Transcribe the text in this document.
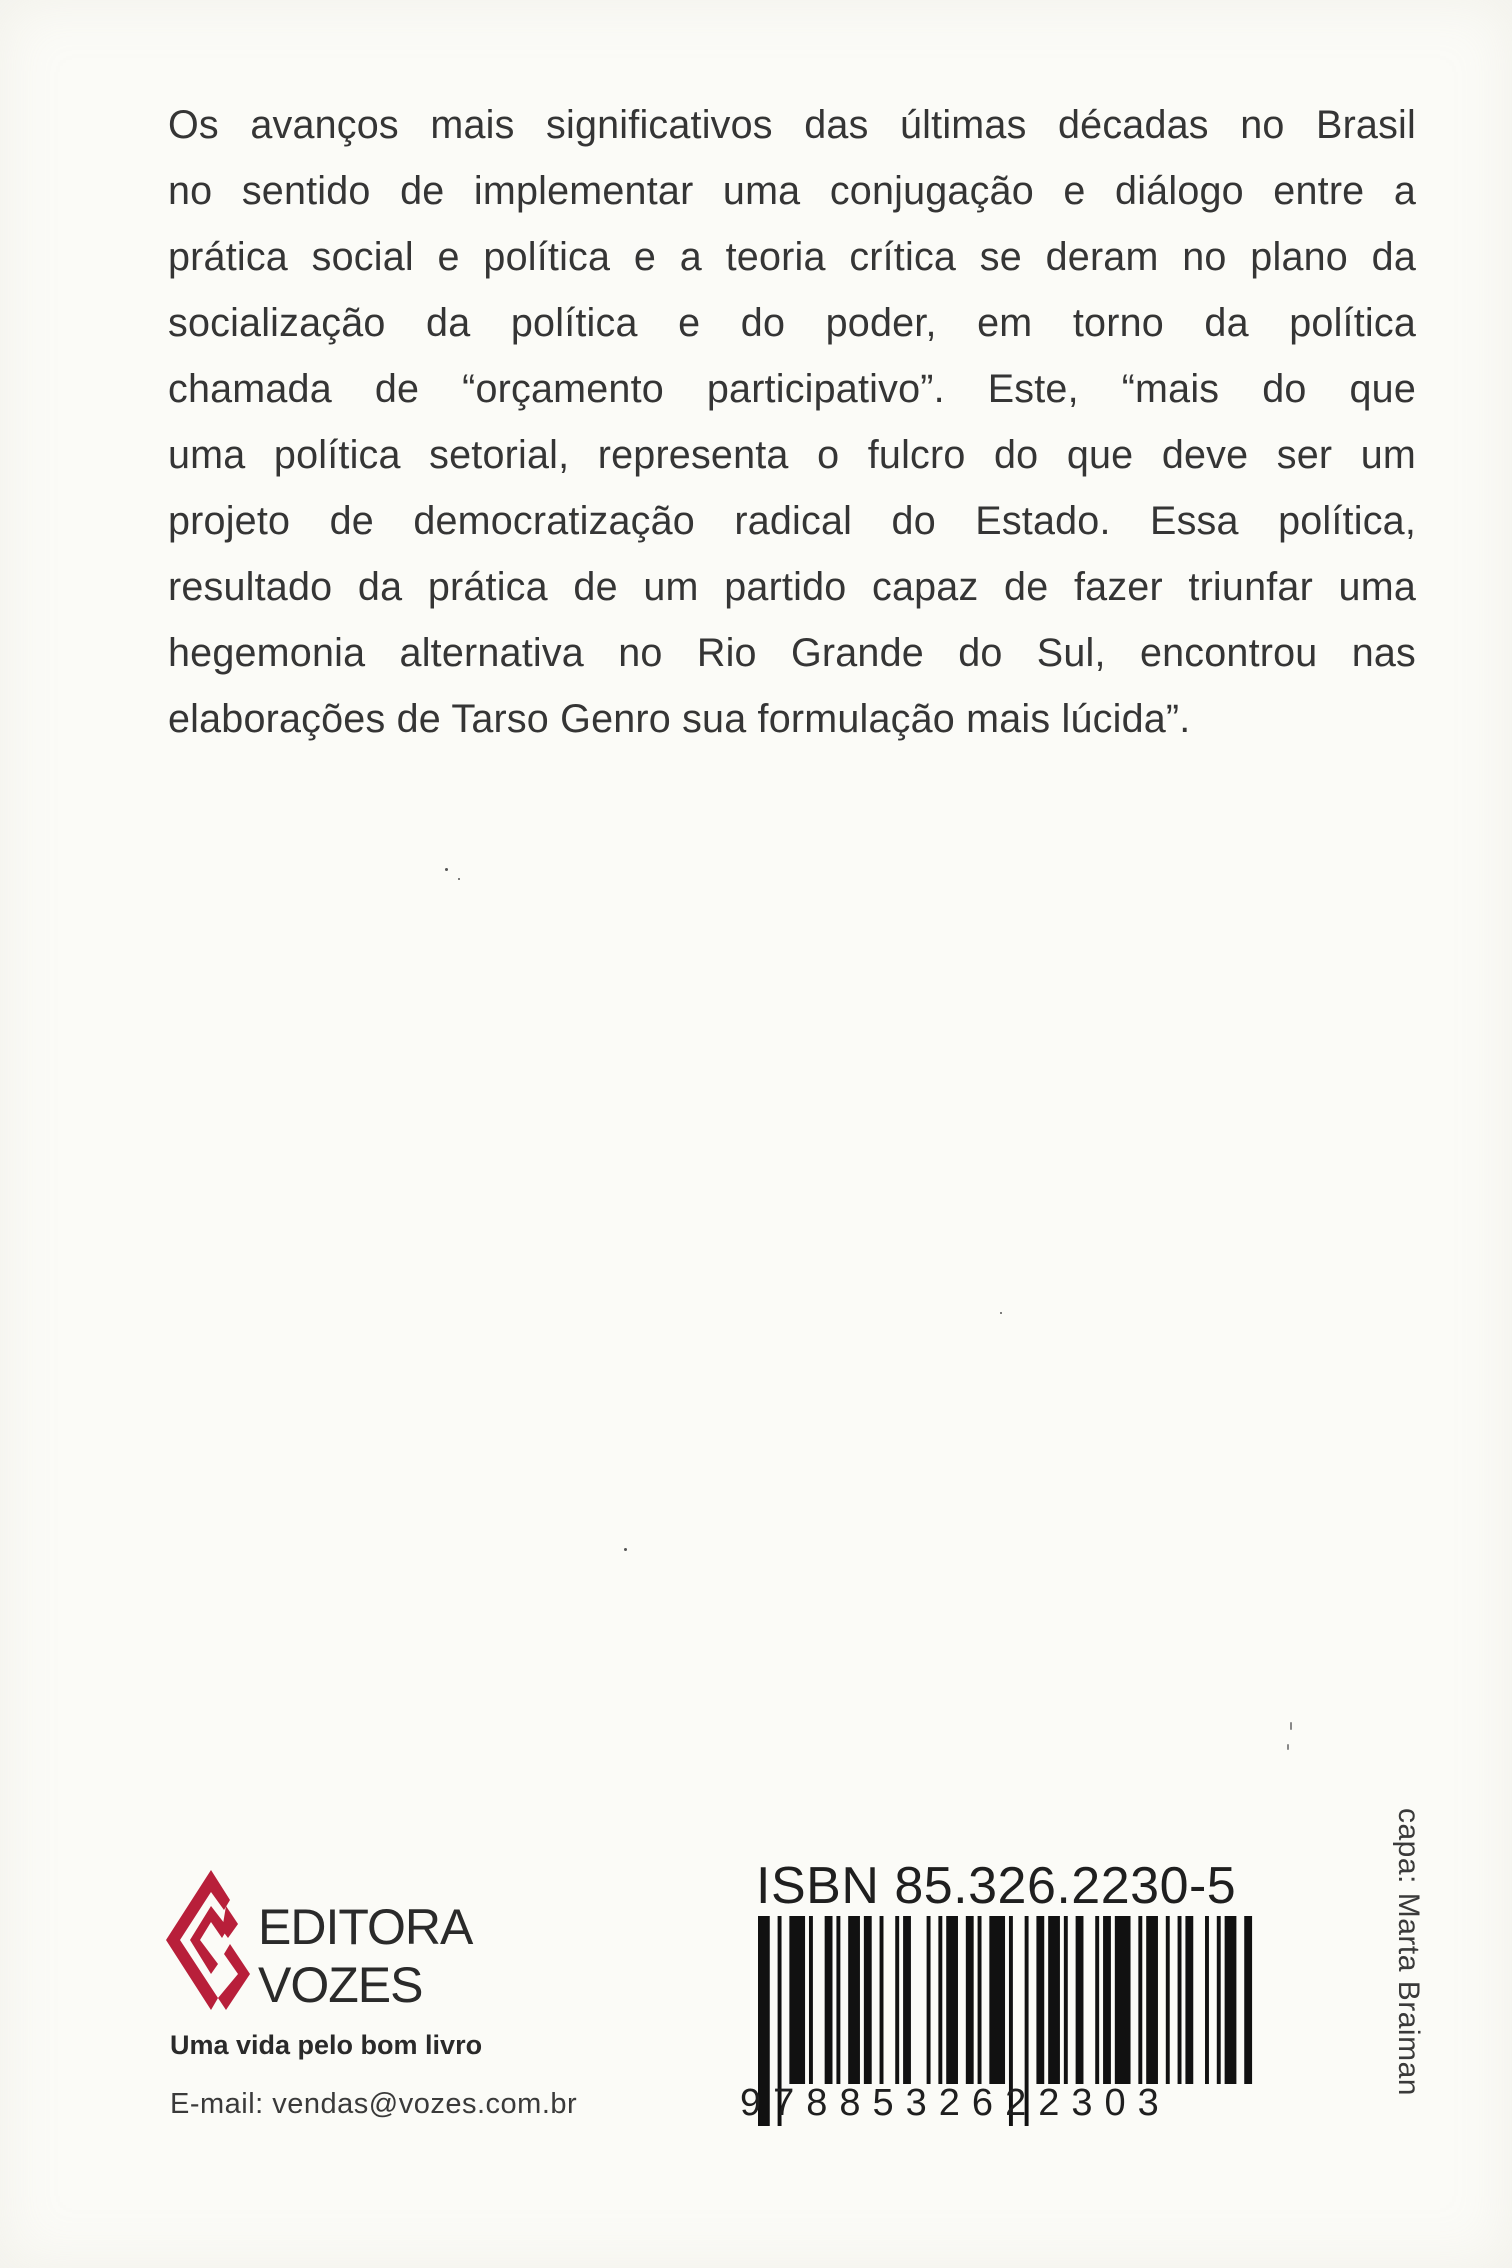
Os avanços mais significativos das últimas décadas no Brasil
no sentido de implementar uma conjugação e diálogo entre a
prática social e política e a teoria crítica se deram no plano da
socialização da política e do poder, em torno da política
chamada de “orçamento participativo”. Este, “mais do que
uma política setorial, representa o fulcro do que deve ser um
projeto de democratização radical do Estado. Essa política,
resultado da prática de um partido capaz de fazer triunfar uma
hegemonia alternativa no Rio Grande do Sul, encontrou nas
elaborações de Tarso Genro sua formulação mais lúcida”.
EDITORA
VOZES
Uma vida pelo bom livro
E-mail: vendas@vozes.com.br
ISBN 85.326.2230-5
9788532622303
capa: Marta Braiman
